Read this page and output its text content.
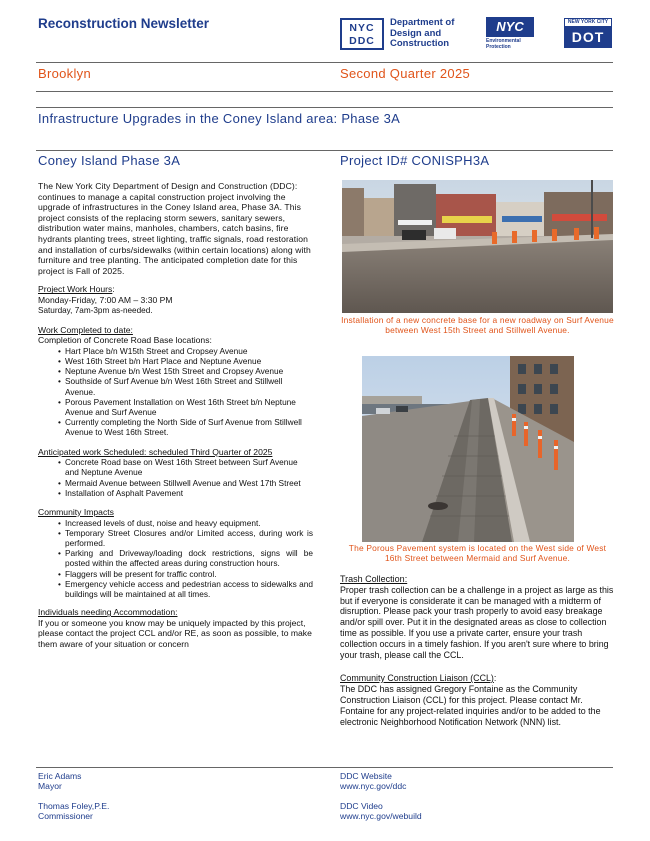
Reconstruction Newsletter	NYC DDC
Department of
Design and
Construction
NYC
Environmental
Protection
NEW YORK CITY
DOT
Brooklyn	Second Quarter 2025
Infrastructure Upgrades in the Coney Island area: Phase 3A
Coney Island Phase 3A
The New York City Department of Design and Construction (DDC): continues to manage a capital construction project involving the upgrade of infrastructures in the Coney Island area, Phase 3A. This project consists of the replacing storm sewers, sanitary sewers, distribution water mains, manholes, chambers, catch basins, fire hydrants planting trees, street lighting, traffic signals, road restoration and installation of curbs/sidewalks (within certain locations) along with furniture and tree planting. The anticipated completion date for this project is Fall of 2025.
Project Work Hours:
Monday-Friday, 7:00 AM – 3:30 PM
Saturday, 7am-3pm as-needed.
Work Completed to date:
Completion of Concrete Road Base locations:
• Hart Place b/n W15th Street and Cropsey Avenue
• West 16th Street b/n Hart Place and Neptune Avenue
• Neptune Avenue b/n West 15th Street and Cropsey Avenue
• Southside of Surf Avenue b/n West 16th Street and Stillwell Avenue.
• Porous Pavement Installation on West 16th Street b/n Neptune Avenue and Surf Avenue
• Currently completing the North Side of Surf Avenue from Stillwell Avenue to West 16th Street.
Anticipated work Scheduled: scheduled Third Quarter of 2025
• Concrete Road base on West 16th Street between Surf Avenue and Neptune Avenue
• Mermaid Avenue between Stillwell Avenue and West 17th Street
• Installation of Asphalt Pavement
Community Impacts
• Increased levels of dust, noise and heavy equipment.
• Temporary Street Closures and/or Limited access, during work is performed.
• Parking and Driveway/loading dock restrictions, signs will be posted within the affected areas during construction hours.
• Flaggers will be present for traffic control.
• Emergency vehicle access and pedestrian access to sidewalks and buildings will be maintained at all times.
Individuals needing Accommodation:
If you or someone you know may be uniquely impacted by this project, please contact the project CCL and/or RE, as soon as possible, to make them aware of your situation or concern
Project ID# CONISPH3A
Installation of a new concrete base for a new roadway on Surf Avenue between West 15th Street and Stillwell Avenue.
The Porous Pavement system is located on the West side of West 16th Street between Mermaid and Surf Avenue.
Trash Collection:
Proper trash collection can be a challenge in a project as large as this but if everyone is considerate it can be managed with a midterm of disruption. Please pack your trash properly to avoid easy breakage and/or spill over. Put it in the designated areas as close to collection time as possible. If you use a private carter, ensure your trash collection occurs in a timely fashion. If you aren't sure where to bring your trash, please call the CCL.
Community Construction Liaison (CCL):
The DDC has assigned Gregory Fontaine as the Community Construction Liaison (CCL) for this project. Please contact Mr. Fontaine for any project-related inquiries and/or to be added to the electronic Neighborhood Notification Network (NNN) list.
Eric Adams
Mayor
Thomas Foley,P.E.
Commissioner
DDC Website
www.nyc.gov/ddc
DDC Video
www.nyc.gov/webuild
